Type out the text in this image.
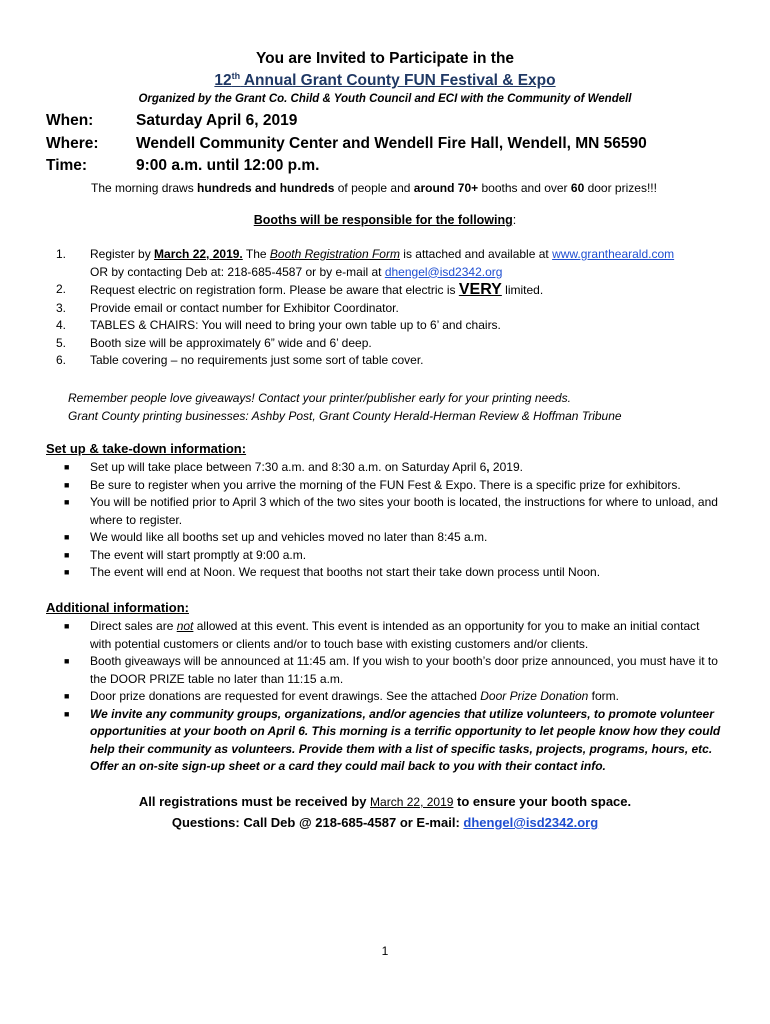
You are Invited to Participate in the
12th Annual Grant County FUN Festival & Expo
Organized by the Grant Co. Child & Youth Council and ECI with the Community of Wendell
When:	Saturday April 6, 2019
Where: Wendell Community Center and Wendell Fire Hall, Wendell, MN 56590
Time:	9:00 a.m. until 12:00 p.m.
The morning draws hundreds and hundreds of people and around 70+ booths and over 60 door prizes!!!
Booths will be responsible for the following:
1.	Register by March 22, 2019. The Booth Registration Form is attached and available at www.granthearald.com
OR by contacting Deb at: 218-685-4587 or by e-mail at dhengel@isd2342.org
2.	Request electric on registration form. Please be aware that electric is VERY limited.
3.	Provide email or contact number for Exhibitor Coordinator.
4.	TABLES & CHAIRS: You will need to bring your own table up to 6’ and chairs.
5.	Booth size will be approximately 6” wide and 6’ deep.
6.	Table covering – no requirements just some sort of table cover.
Remember people love giveaways! Contact your printer/publisher early for your printing needs.
Grant County printing businesses: Ashby Post, Grant County Herald-Herman Review & Hoffman Tribune
Set up & take-down information:
■	Set up will take place between 7:30 a.m. and 8:30 a.m. on Saturday April 6, 2019.
■	Be sure to register when you arrive the morning of the FUN Fest & Expo. There is a specific prize for exhibitors.
■	You will be notified prior to April 3 which of the two sites your booth is located, the instructions for where to unload, and where to register.
■	We would like all booths set up and vehicles moved no later than 8:45 a.m.
■	The event will start promptly at 9:00 a.m.
■	The event will end at Noon. We request that booths not start their take down process until Noon.
Additional information:
■	Direct sales are not allowed at this event. This event is intended as an opportunity for you to make an initial contact with potential customers or clients and/or to touch base with existing customers and/or clients.
■	Booth giveaways will be announced at 11:45 am. If you wish to your booth’s door prize announced, you must have it to the DOOR PRIZE table no later than 11:15 a.m.
■	Door prize donations are requested for event drawings. See the attached Door Prize Donation form.
■	We invite any community groups, organizations, and/or agencies that utilize volunteers, to promote volunteer opportunities at your booth on April 6. This morning is a terrific opportunity to let people know how they could help their community as volunteers. Provide them with a list of specific tasks, projects, programs, hours, etc. Offer an on-site sign-up sheet or a card they could mail back to you with their contact info.
All registrations must be received by March 22, 2019 to ensure your booth space.
Questions: Call Deb @ 218-685-4587 or E-mail: dhengel@isd2342.org
1
